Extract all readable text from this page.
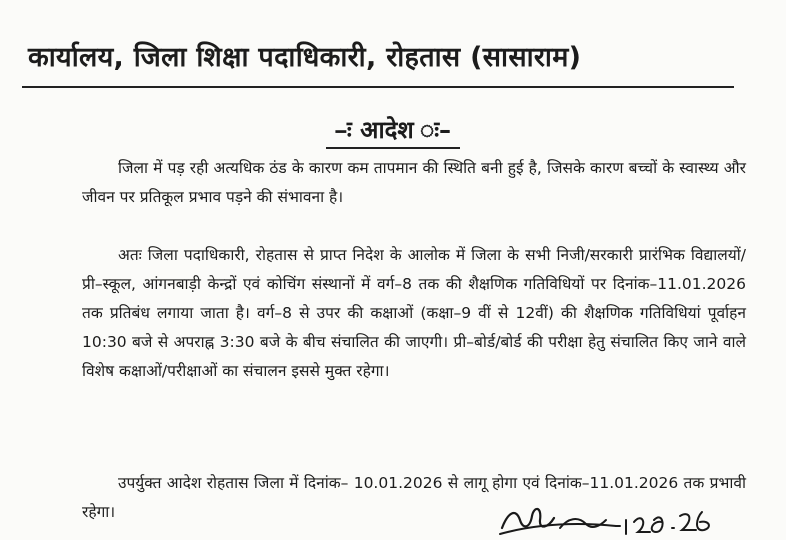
कार्यालय, जिला शिक्षा पदाधिकारी, रोहतास (सासाराम)
–ः आदेश ः–
जिला में पड़ रही अत्यधिक ठंड के कारण कम तापमान की स्थिति बनी हुई है, जिसके कारण बच्चों के स्वास्थ्य और जीवन पर प्रतिकूल प्रभाव पड़ने की संभावना है।
अतः जिला पदाधिकारी, रोहतास से प्राप्त निदेश के आलोक में जिला के सभी निजी/सरकारी प्रारंभिक विद्यालयों/ प्री–स्कूल, आंगनबाड़ी केन्द्रों एवं कोचिंग संस्थानों में वर्ग–8 तक की शैक्षणिक गतिविधियों पर दिनांक–11.01.2026 तक प्रतिबंध लगाया जाता है। वर्ग–8 से उपर की कक्षाओं (कक्षा–9 वीं से 12वीं) की शैक्षणिक गतिविधियां पूर्वाहन 10:30 बजे से अपराह्न 3:30 बजे के बीच संचालित की जाएगी। प्री–बोर्ड/बोर्ड की परीक्षा हेतु संचालित किए जाने वाले विशेष कक्षाओं/परीक्षाओं का संचालन इससे मुक्त रहेगा।
उपर्युक्त आदेश रोहतास जिला में दिनांक– 10.01.2026 से लागू होगा एवं दिनांक–11.01.2026 तक प्रभावी रहेगा।
